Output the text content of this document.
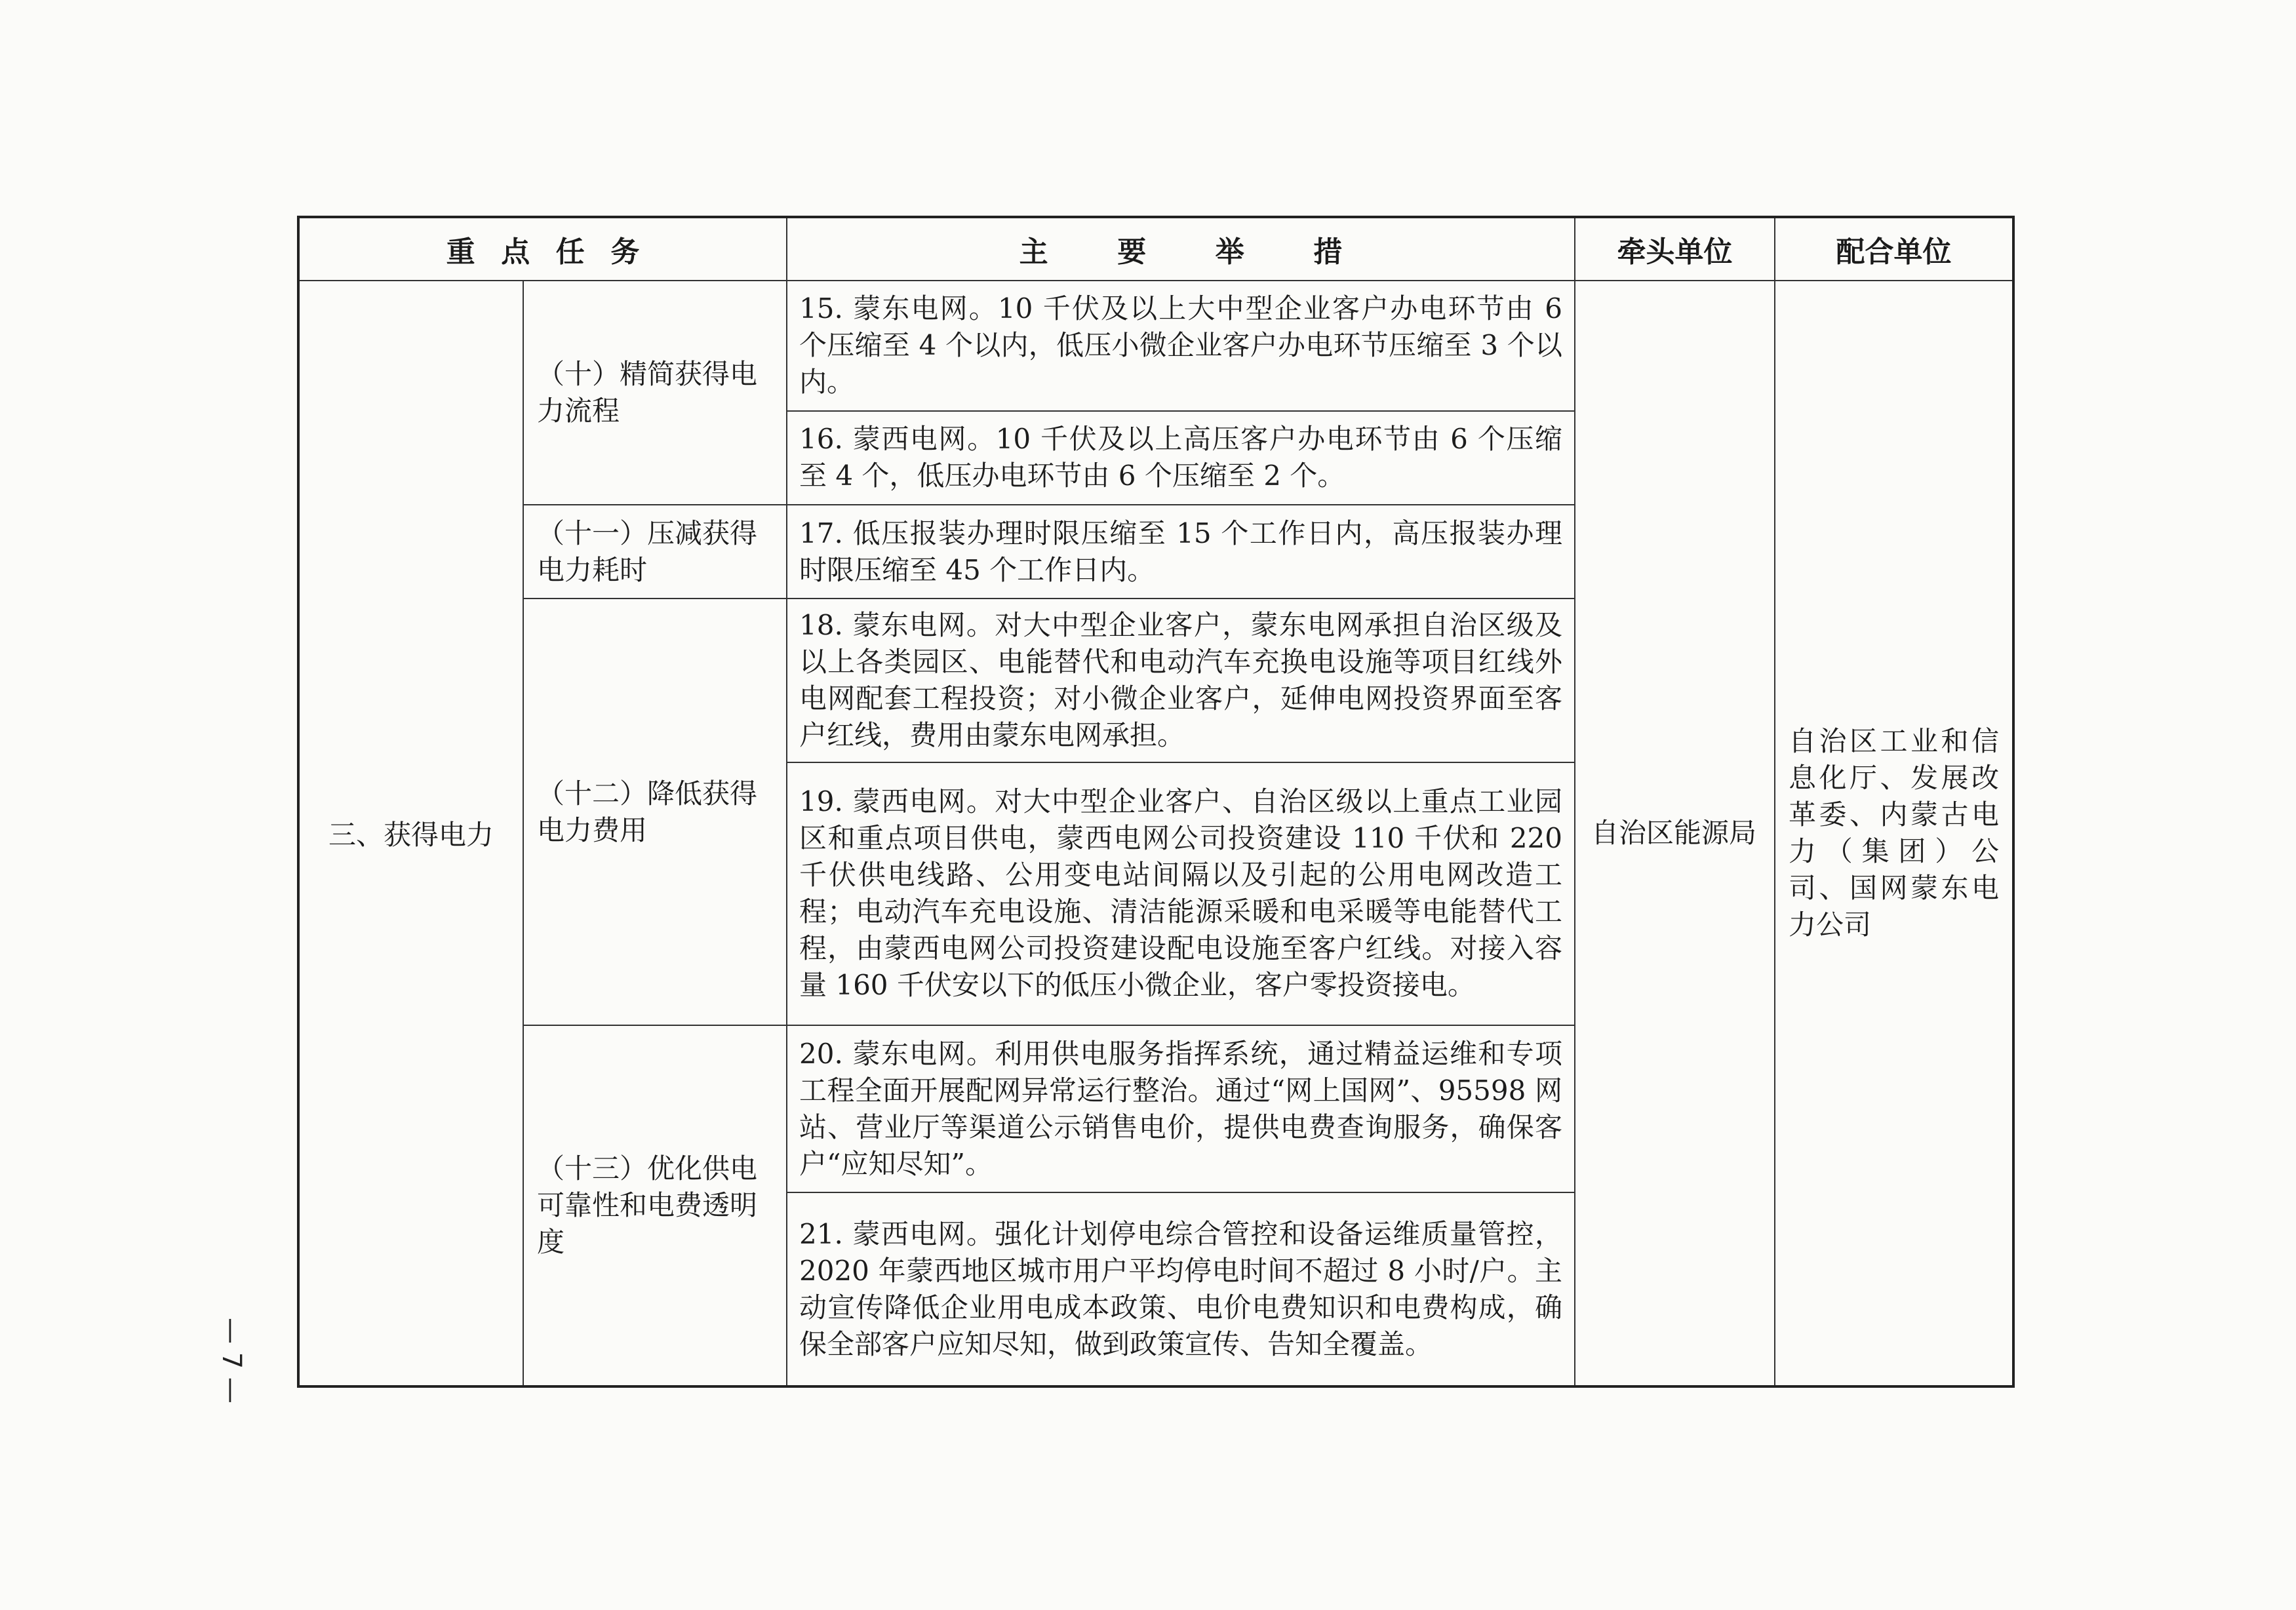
重点任务		主要举措	牵头单位	配合单位
三、获得电力	（十）精简获得电力流程	15. 蒙东电网。10 千伏及以上大中型企业客户办电环节由 6 个压缩至 4 个以内，低压小微企业客户办电环节压缩至 3 个以内。	自治区能源局	自治区工业和信息化厅、发展改革委、内蒙古电力（集团）公司、国网蒙东电力公司
		16. 蒙西电网。10 千伏及以上高压客户办电环节由 6 个压缩至 4 个，低压办电环节由 6 个压缩至 2 个。		
	（十一）压减获得电力耗时	17. 低压报装办理时限压缩至 15 个工作日内，高压报装办理时限压缩至 45 个工作日内。		
	（十二）降低获得电力费用	18. 蒙东电网。对大中型企业客户，蒙东电网承担自治区级及以上各类园区、电能替代和电动汽车充换电设施等项目红线外电网配套工程投资；对小微企业客户，延伸电网投资界面至客户红线，费用由蒙东电网承担。		
		19. 蒙西电网。对大中型企业客户、自治区级以上重点工业园区和重点项目供电，蒙西电网公司投资建设 110 千伏和 220 千伏供电线路、公用变电站间隔以及引起的公用电网改造工程；电动汽车充电设施、清洁能源采暖和电采暖等电能替代工程，由蒙西电网公司投资建设配电设施至客户红线。对接入容量 160 千伏安以下的低压小微企业，客户零投资接电。		
	（十三）优化供电可靠性和电费透明度	20. 蒙东电网。利用供电服务指挥系统，通过精益运维和专项工程全面开展配网异常运行整治。通过“网上国网”、95598 网站、营业厅等渠道公示销售电价，提供电费查询服务，确保客户“应知尽知”。		
		21. 蒙西电网。强化计划停电综合管控和设备运维质量管控，2020 年蒙西地区城市用户平均停电时间不超过 8 小时/户。主动宣传降低企业用电成本政策、电价电费知识和电费构成，确保全部客户应知尽知，做到政策宣传、告知全覆盖。		
— 7 —
